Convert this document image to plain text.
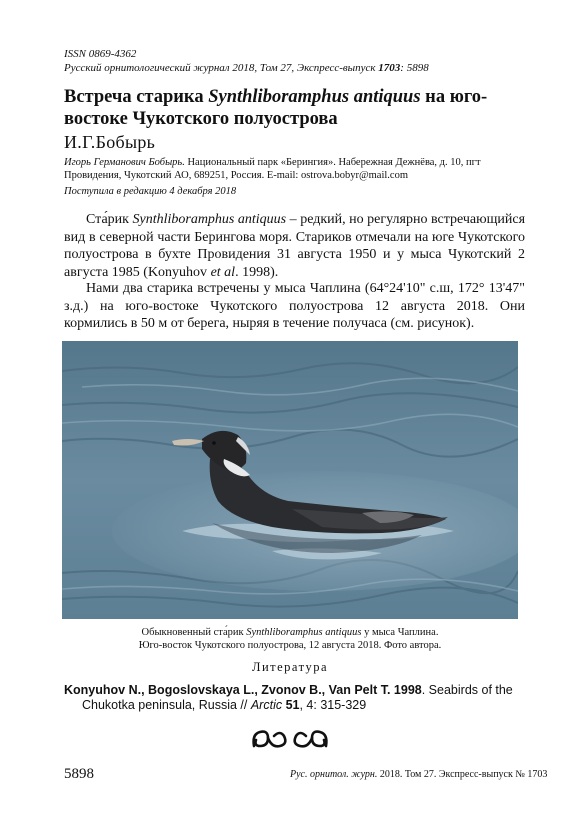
ISSN 0869-4362
Русский орнитологический журнал 2018, Том 27, Экспресс-выпуск 1703: 5898
Встреча старика Synthliboramphus antiquus на юго-востоке Чукотского полуострова
И.Г.Бобырь
Игорь Германович Бобырь. Национальный парк «Берингия». Набережная Дежнёва, д. 10, пгт Провидения, Чукотский АО, 689251, Россия. E-mail: ostrova.bobyr@mail.com
Поступила в редакцию 4 декабря 2018

Ста́рик Synthliboramphus antiquus – редкий, но регулярно встречающийся вид в северной части Берингова моря. Стариков отмечали на юге Чукотского полуострова в бухте Провидения 31 августа 1950 и у мыса Чукотский 2 августа 1985 (Konyuhov et al. 1998).

Нами два старика встречены у мыса Чаплина (64°24'10" с.ш, 172° 13'47" з.д.) на юго-востоке Чукотского полуострова 12 августа 2018. Они кормились в 50 м от берега, ныряя в течение получаса (см. рисунок).

Обыкновенный ста́рик Synthliboramphus antiquus у мыса Чаплина.
Юго-восток Чукотского полуострова, 12 августа 2018. Фото автора.
Литература
Konyuhov N., Bogoslovskaya L., Zvonov B., Van Pelt T. 1998. Seabirds of the Chukotka peninsula, Russia // Arctic 51, 4: 315-329
5898	Рус. орнитол. журн. 2018. Том 27. Экспресс-выпуск № 1703
